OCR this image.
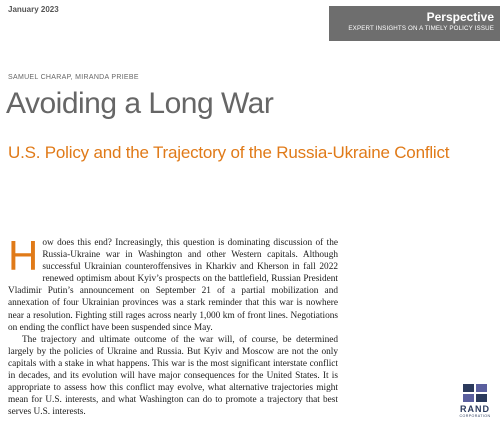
January 2023
Perspective
EXPERT INSIGHTS ON A TIMELY POLICY ISSUE
SAMUEL CHARAP, MIRANDA PRIEBE
Avoiding a Long War
U.S. Policy and the Trajectory of the Russia-Ukraine Conflict

How does this end? Increasingly, this question is dominating discussion of the Russia-Ukraine war in Washington and other Western capitals. Although successful Ukrainian counteroffensives in Kharkiv and Kherson in fall 2022 renewed optimism about Kyiv’s prospects on the battlefield, Russian President Vladimir Putin’s announcement on September 21 of a partial mobilization and annexation of four Ukrainian provinces was a stark reminder that this war is nowhere near a resolution. Fighting still rages across nearly 1,000 km of front lines. Negotiations on ending the conflict have been suspended since May.

The trajectory and ultimate outcome of the war will, of course, be determined largely by the policies of Ukraine and Russia. But Kyiv and Moscow are not the only capitals with a stake in what happens. This war is the most significant interstate conflict in decades, and its evolution will have major consequences for the United States. It is appropriate to assess how this conflict may evolve, what alternative trajectories might mean for U.S. interests, and what Washington can do to promote a trajectory that best serves U.S. interests.	RAND
CORPORATION
